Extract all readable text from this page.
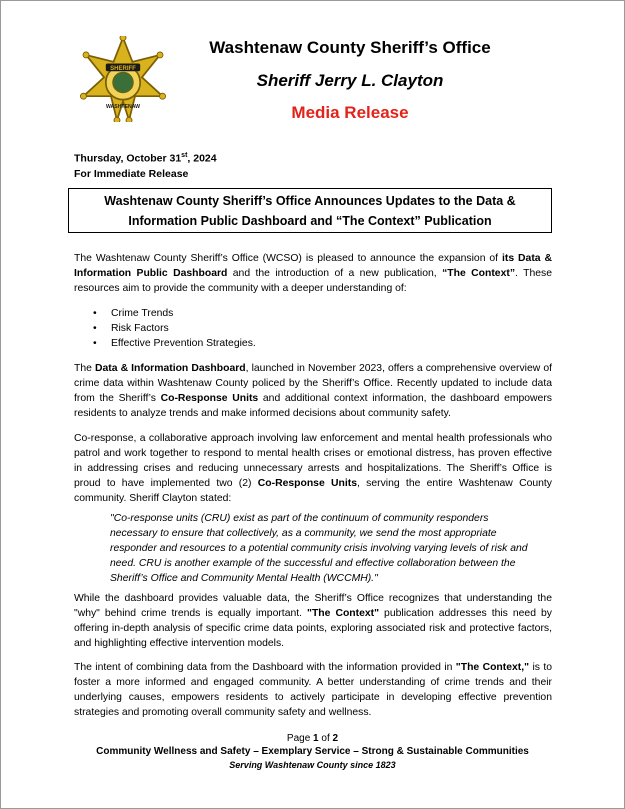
SHERIFF
WASHTENAW
Washtenaw County Sheriff’s Office
Sheriff Jerry L. Clayton
Media Release
Thursday, October 31st, 2024
For Immediate Release
Washtenaw County Sheriff’s Office Announces Updates to the Data & Information Public Dashboard and “The Context” Publication
The Washtenaw County Sheriff’s Office (WCSO) is pleased to announce the expansion of its Data & Information Public Dashboard and the introduction of a new publication, “The Context”. These resources aim to provide the community with a deeper understanding of:
• Crime Trends
• Risk Factors
• Effective Prevention Strategies.
The Data & Information Dashboard, launched in November 2023, offers a comprehensive overview of crime data within Washtenaw County policed by the Sheriff’s Office. Recently updated to include data from the Sheriff’s Co-Response Units and additional context information, the dashboard empowers residents to analyze trends and make informed decisions about community safety.
Co-response, a collaborative approach involving law enforcement and mental health professionals who patrol and work together to respond to mental health crises or emotional distress, has proven effective in addressing crises and reducing unnecessary arrests and hospitalizations. The Sheriff’s Office is proud to have implemented two (2) Co-Response Units, serving the entire Washtenaw County community. Sheriff Clayton stated:
"Co-response units (CRU) exist as part of the continuum of community responders necessary to ensure that collectively, as a community, we send the most appropriate responder and resources to a potential community crisis involving varying levels of risk and need. CRU is another example of the successful and effective collaboration between the Sheriff’s Office and Community Mental Health (WCCMH)."
While the dashboard provides valuable data, the Sheriff’s Office recognizes that understanding the "why" behind crime trends is equally important. "The Context" publication addresses this need by offering in-depth analysis of specific crime data points, exploring associated risk and protective factors, and highlighting effective intervention models.
The intent of combining data from the Dashboard with the information provided in "The Context," is to foster a more informed and engaged community. A better understanding of crime trends and their underlying causes, empowers residents to actively participate in developing effective prevention strategies and promoting overall community safety and wellness.
Page 1 of 2
Community Wellness and Safety – Exemplary Service – Strong & Sustainable Communities
Serving Washtenaw County since 1823
